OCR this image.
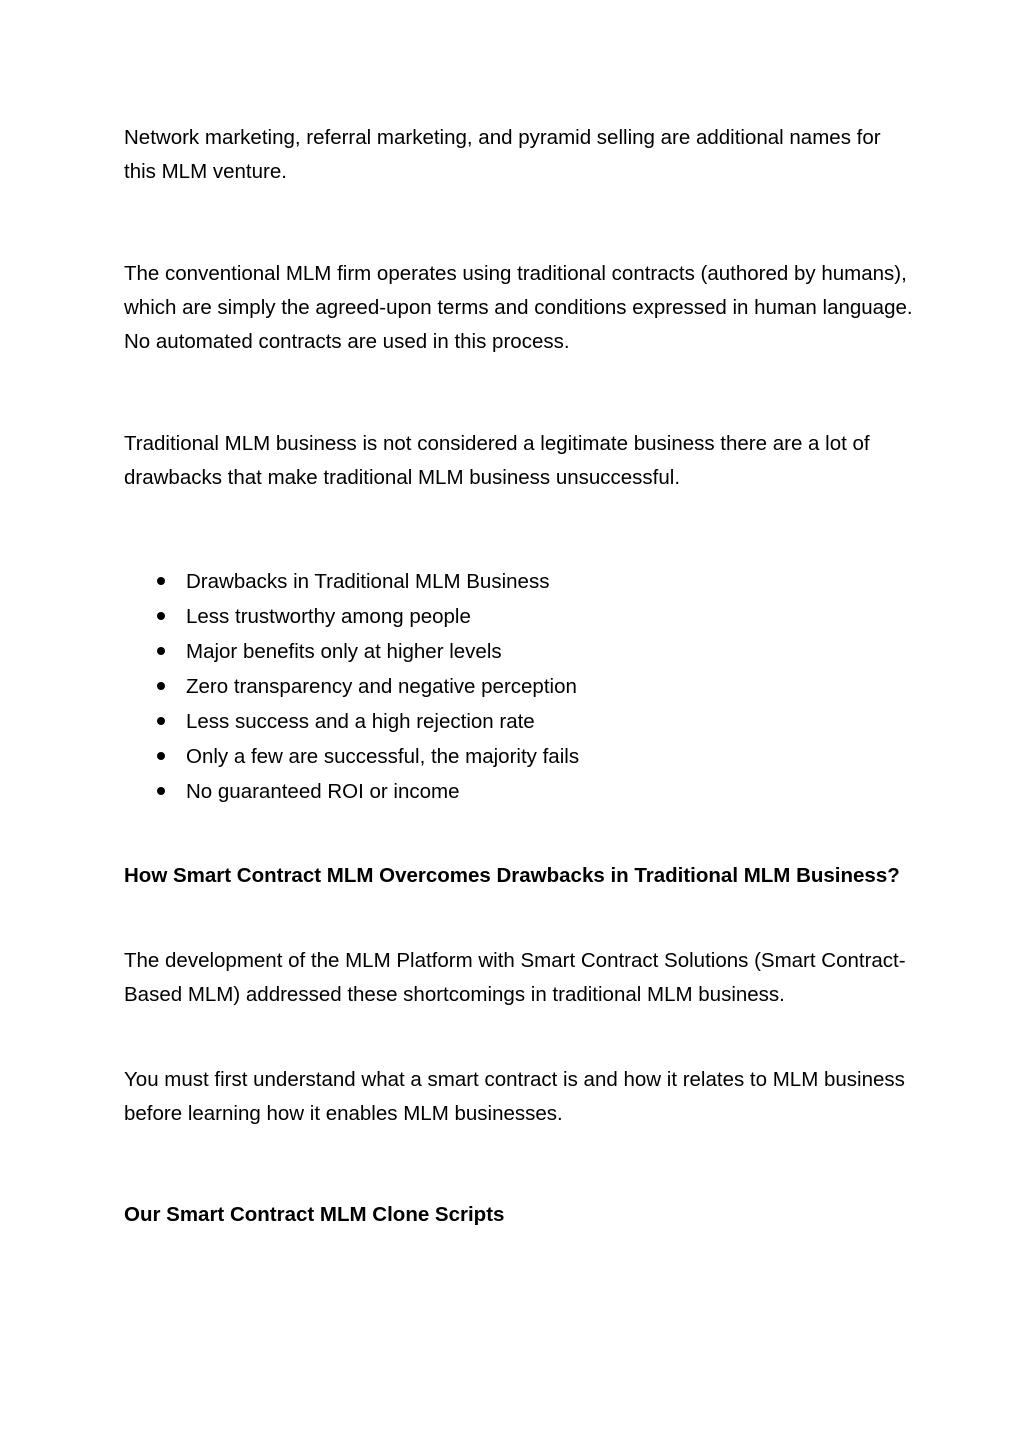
Network marketing, referral marketing, and pyramid selling are additional names for this MLM venture.

The conventional MLM firm operates using traditional contracts (authored by humans), which are simply the agreed-upon terms and conditions expressed in human language. No automated contracts are used in this process.

Traditional MLM business is not considered a legitimate business there are a lot of drawbacks that make traditional MLM business unsuccessful.

Drawbacks in Traditional MLM Business
Less trustworthy among people
Major benefits only at higher levels
Zero transparency and negative perception
Less success and a high rejection rate
Only a few are successful, the majority fails
No guaranteed ROI or income

How Smart Contract MLM Overcomes Drawbacks in Traditional MLM Business?

The development of the MLM Platform with Smart Contract Solutions (Smart Contract-Based MLM) addressed these shortcomings in traditional MLM business.

You must first understand what a smart contract is and how it relates to MLM business before learning how it enables MLM businesses.

Our Smart Contract MLM Clone Scripts
